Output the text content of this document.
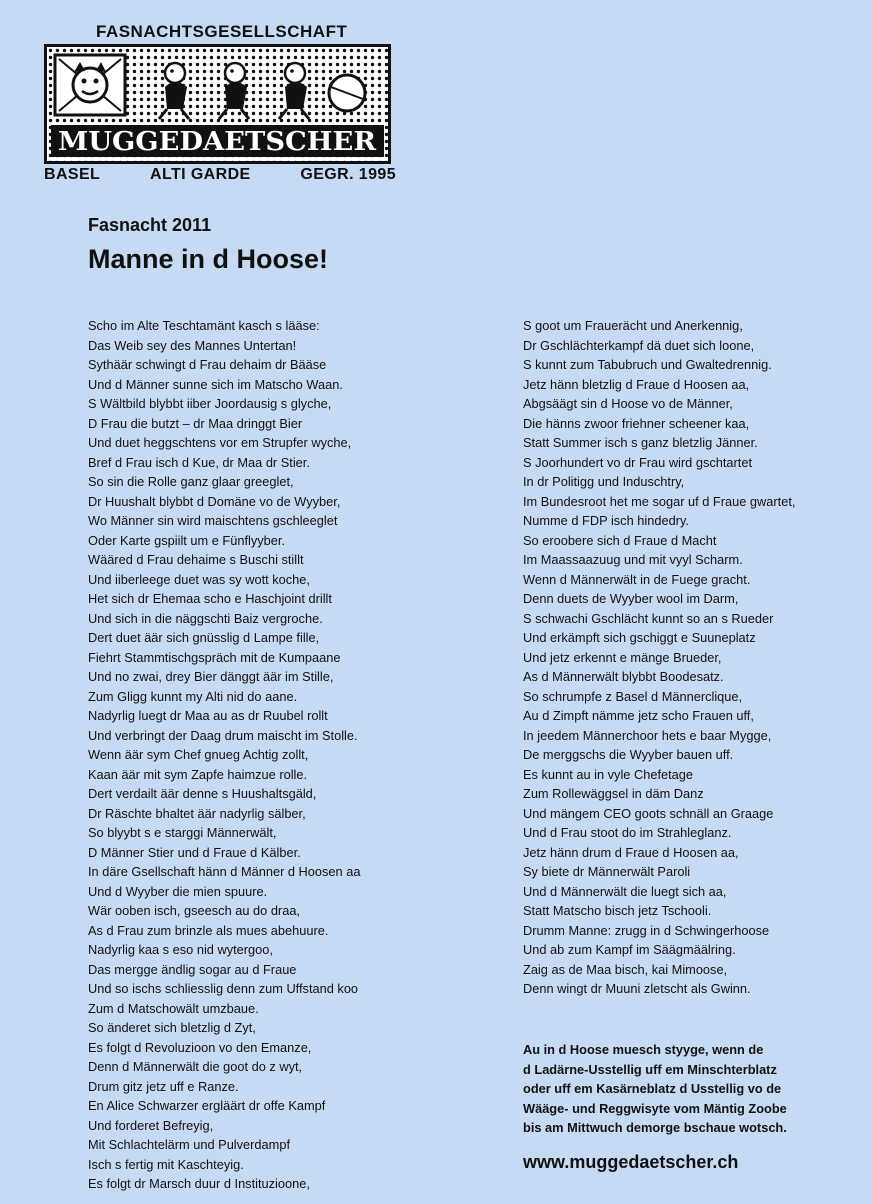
FASNACHTSGESELLSCHAFT
MUGGEDAETSCHER
BASEL	ALTI GARDE	GEGR. 1995
Fasnacht 2011
Manne in d Hoose!
Scho im Alte Teschtamänt kasch s lääse:
Das Weib sey des Mannes Untertan!
Sythäär schwingt d Frau dehaim dr Bääse
Und d Männer sunne sich im Matscho Waan.
S Wältbild blybbt iiber Joordausig s glyche,
D Frau die butzt – dr Maa dringgt Bier
Und duet heggschtens vor em Strupfer wyche,
Bref d Frau isch d Kue, dr Maa dr Stier.
So sin die Rolle ganz glaar greeglet,
Dr Huushalt blybbt d Domäne vo de Wyyber,
Wo Männer sin wird maischtens gschleeglet
Oder Karte gspiilt um e Fünflyyber.
Wääred d Frau dehaime s Buschi stillt
Und iiberleege duet was sy wott koche,
Het sich dr Ehemaa scho e Haschjoint drillt
Und sich in die näggschti Baiz vergroche.
Dert duet äär sich gnüsslig d Lampe fille,
Fiehrt Stammtischgspräch mit de Kumpaane
Und no zwai, drey Bier dänggt äär im Stille,
Zum Gligg kunnt my Alti nid do aane.
Nadyrlig luegt dr Maa au as dr Ruubel rollt
Und verbringt der Daag drum maischt im Stolle.
Wenn äär sym Chef gnueg Achtig zollt,
Kaan äär mit sym Zapfe haimzue rolle.
Dert verdailt äär denne s Huushaltsgäld,
Dr Räschte bhaltet äär nadyrlig sälber,
So blyybt s e starggi Männerwält,
D Männer Stier und d Fraue d Kälber.
In däre Gsellschaft hänn d Männer d Hoosen aa
Und d Wyyber die mien spuure.
Wär ooben isch, gseesch au do draa,
As d Frau zum brinzle als mues abehuure.
Nadyrlig kaa s eso nid wytergoo,
Das mergge ändlig sogar au d Fraue
Und so ischs schliesslig denn zum Uffstand koo
Zum d Matschowält umzbaue.
So änderet sich bletzlig d Zyt,
Es folgt d Revoluzioon vo den Emanze,
Denn d Männerwält die goot do z wyt,
Drum gitz jetz uff e Ranze.
En Alice Schwarzer ergläärt dr offe Kampf
Und forderet Befreyig,
Mit Schlachtelärm und Pulverdampf
Isch s fertig mit Kaschteyig.
Es folgt dr Marsch duur d Instituzioone,
S goot um Frauerächt und Anerkennig,
Dr Gschlächterkampf dä duet sich loone,
S kunnt zum Tabubruch und Gwaltedrennig.
Jetz hänn bletzlig d Fraue d Hoosen aa,
Abgsäägt sin d Hoose vo de Männer,
Die hänns zwoor friehner scheener kaa,
Statt Summer isch s ganz bletzlig Jänner.
S Joorhundert vo dr Frau wird gschtartet
In dr Politigg und Induschtry,
Im Bundesroot het me sogar uf d Fraue gwartet,
Numme d FDP isch hindedry.
So eroobere sich d Fraue d Macht
Im Maassaazuug und mit vyyl Scharm.
Wenn d Männerwält in de Fuege gracht.
Denn duets de Wyyber wool im Darm,
S schwachi Gschlächt kunnt so an s Rueder
Und erkämpft sich gschiggt e Suuneplatz
Und jetz erkennt e mänge Brueder,
As d Männerwält blybbt Boodesatz.
So schrumpfe z Basel d Männerclique,
Au d Zimpft nämme jetz scho Frauen uff,
In jeedem Männerchoor hets e baar Mygge,
De merggschs die Wyyber bauen uff.
Es kunnt au in vyle Chefetage
Zum Rollewäggsel in däm Danz
Und mängem CEO goots schnäll an Graage
Und d Frau stoot do im Strahleglanz.
Jetz hänn drum d Fraue d Hoosen aa,
Sy biete dr Männerwält Paroli
Und d Männerwält die luegt sich aa,
Statt Matscho bisch jetz Tschooli.
Drumm Manne: zrugg in d Schwingerhoose
Und ab zum Kampf im Säägmäälring.
Zaig as de Maa bisch, kai Mimoose,
Denn wingt dr Muuni zletscht als Gwinn.
Au in d Hoose muesch styyge, wenn de
d Ladärne-Usstellig uff em Minschterblatz
oder uff em Kasärneblatz d Usstellig vo de
Wääge- und Reggwisyte vom Mäntig Zoobe
bis am Mittwuch demorge bschaue wotsch.
www.muggedaetscher.ch
